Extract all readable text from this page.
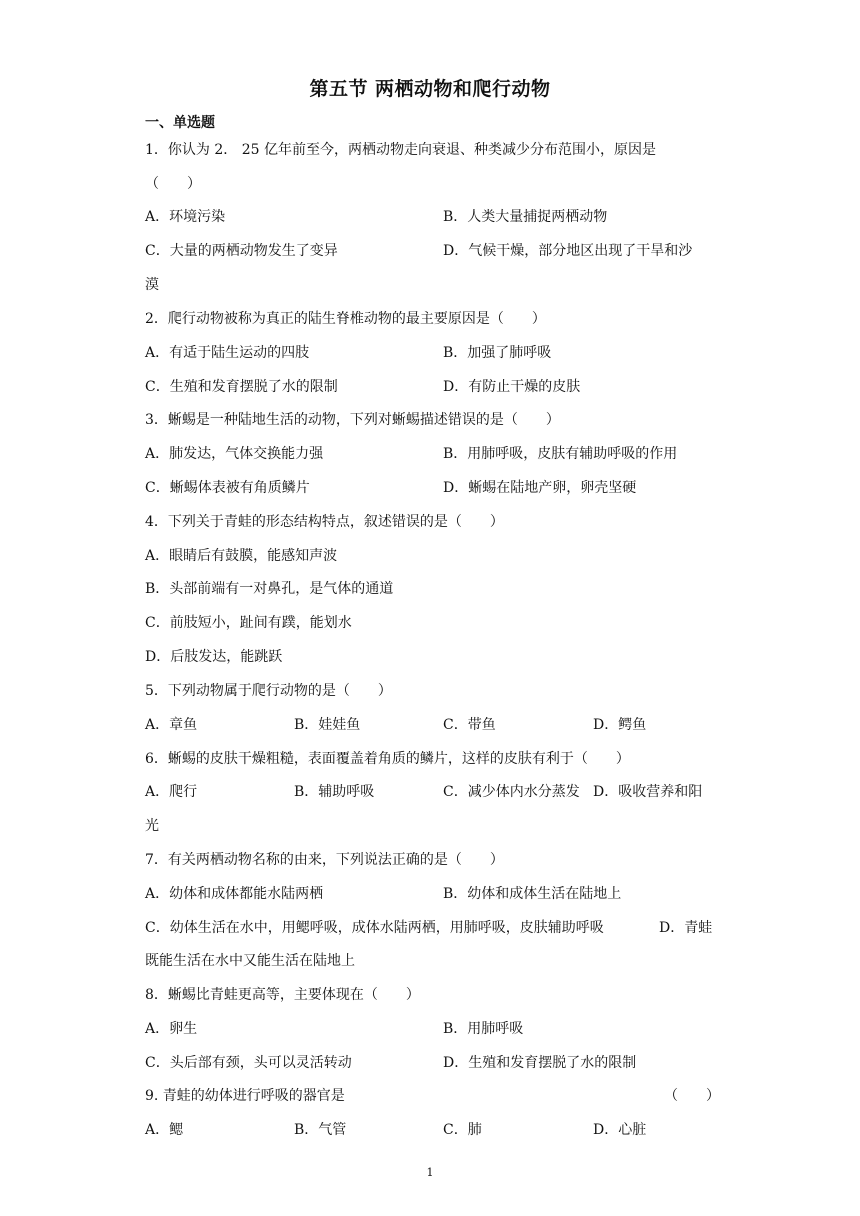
第五节 两栖动物和爬行动物
一、单选题
1．你认为 2． 25 亿年前至今，两栖动物走向衰退、种类减少分布范围小，原因是
（　　）
A．环境污染	B．人类大量捕捉两栖动物
C．大量的两栖动物发生了变异	D．气候干燥，部分地区出现了干旱和沙
漠
2．爬行动物被称为真正的陆生脊椎动物的最主要原因是（　　）
A．有适于陆生运动的四肢	B．加强了肺呼吸
C．生殖和发育摆脱了水的限制	D．有防止干燥的皮肤
3．蜥蜴是一种陆地生活的动物，下列对蜥蜴描述错误的是（　　）
A．肺发达，气体交换能力强	B．用肺呼吸，皮肤有辅助呼吸的作用
C．蜥蜴体表被有角质鳞片	D．蜥蜴在陆地产卵，卵壳坚硬
4．下列关于青蛙的形态结构特点，叙述错误的是（　　）
A．眼睛后有鼓膜，能感知声波
B．头部前端有一对鼻孔，是气体的通道
C．前肢短小，趾间有蹼，能划水
D．后肢发达，能跳跃
5．下列动物属于爬行动物的是（　　）
A．章鱼	B．娃娃鱼	C．带鱼	D．鳄鱼
6．蜥蜴的皮肤干燥粗糙，表面覆盖着角质的鳞片，这样的皮肤有利于（　　）
A．爬行	B．辅助呼吸	C．减少体内水分蒸发 D．吸收营养和阳
光
7．有关两栖动物名称的由来，下列说法正确的是（　　）
A．幼体和成体都能水陆两栖	B．幼体和成体生活在陆地上
C．幼体生活在水中，用鳃呼吸，成体水陆两栖，用肺呼吸，皮肤辅助呼吸	D．青蛙
既能生活在水中又能生活在陆地上
8．蜥蜴比青蛙更高等，主要体现在（　　）
A．卵生	B．用肺呼吸
C．头后部有颈，头可以灵活转动	D．生殖和发育摆脱了水的限制
9. 青蛙的幼体进行呼吸的器官是	（　　）
A．鳃	B．气管	C．肺	D．心脏
1
